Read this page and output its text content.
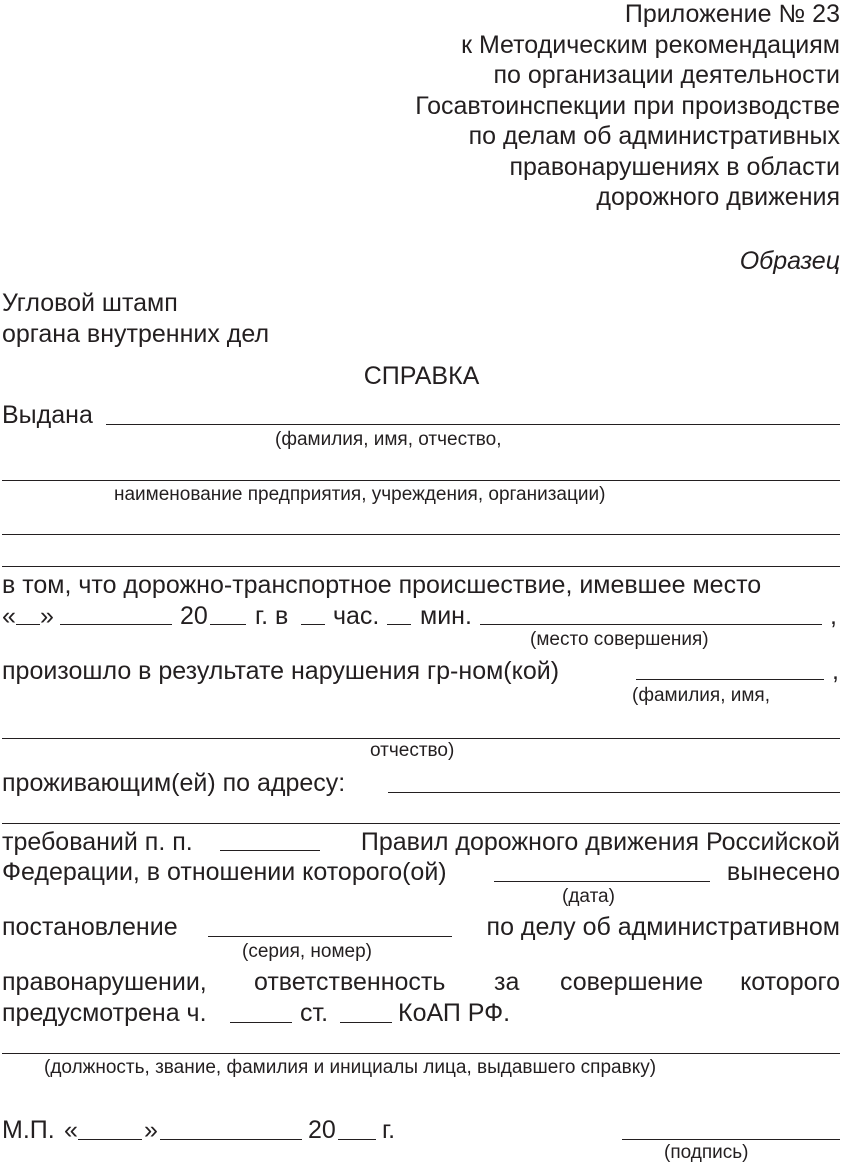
Приложение № 23
к Методическим рекомендациям
по организации деятельности
Госавтоинспекции при производстве
по делам об административных
правонарушениях в области
дорожного движения
Образец
Угловой штамп
органа внутренних дел
СПРАВКА
Выдана
(фамилия, имя, отчество,
наименование предприятия, учреждения, организации)
в том, что дорожно-транспортное происшествие, имевшее место
« »	20 г. в час. мин.	,
(место совершения)
произошло в результате нарушения гр-ном(кой)	,
(фамилия, имя,
отчество)
проживающим(ей) по адресу:
требований п. п.	Правил дорожного движения Российской
Федерации, в отношении которого(ой)	вынесено
(дата)
постановление	по делу об административном
(серия, номер)
правонарушении, ответственность за совершение которого
предусмотрена ч.	ст.	КоАП РФ.
(должность, звание, фамилия и инициалы лица, выдавшего справку)
М.П. «	»	20 г.
(подпись)
